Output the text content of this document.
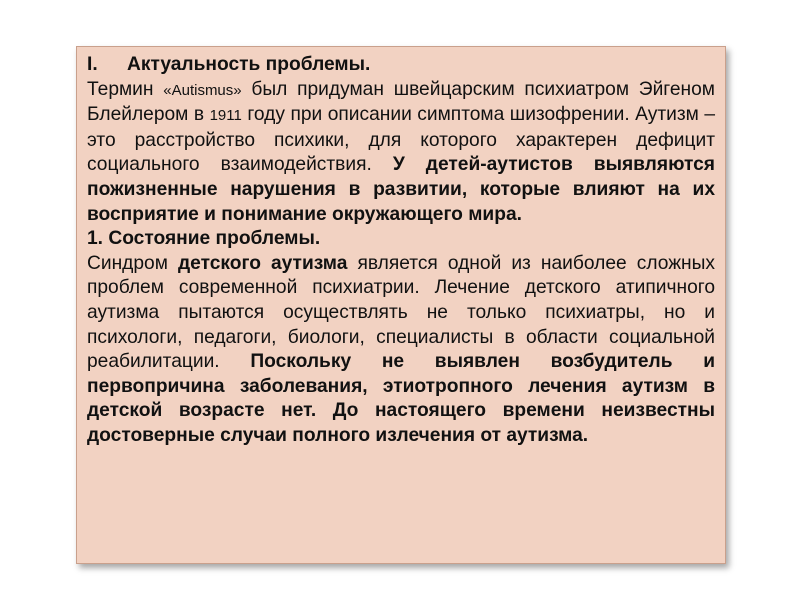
I. Актуальность проблемы.

Термин «Autismus» был придуман швейцарским психиатром Эйгеном Блейлером в 1911 году при описании симптома шизофрении. Аутизм – это расстройство психики, для которого характерен дефицит социального взаимодействия. У детей-аутистов выявляются пожизненные нарушения в развитии, которые влияют на их восприятие и понимание окружающего мира.

1. Состояние проблемы.

Синдром детского аутизма является одной из наиболее сложных проблем современной психиатрии. Лечение детского атипичного аутизма пытаются осуществлять не только психиатры, но и психологи, педагоги, биологи, специалисты в области социальной реабилитации. Поскольку не выявлен возбудитель и первопричина заболевания, этиотропного лечения аутизм в детской возрасте нет. До настоящего времени неизвестны достоверные случаи полного излечения от аутизма.
